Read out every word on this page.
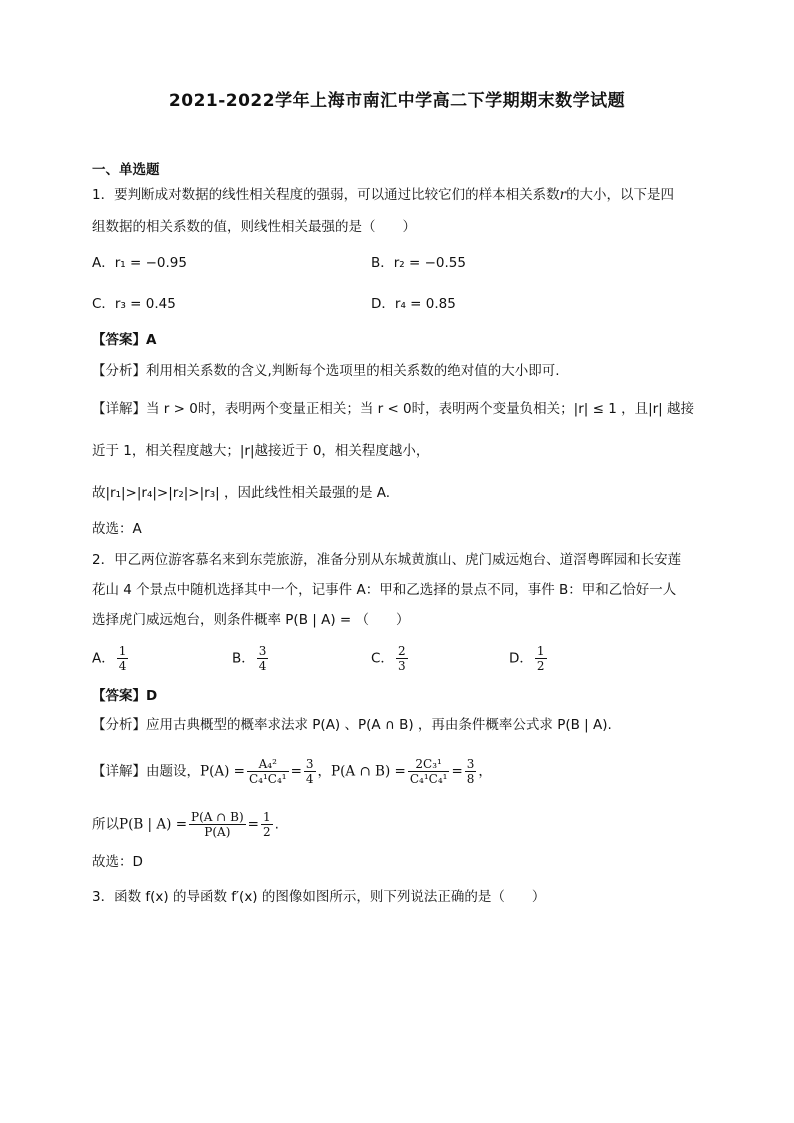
2021-2022学年上海市南汇中学高二下学期期末数学试题
一、单选题
1．要判断成对数据的线性相关程度的强弱，可以通过比较它们的样本相关系数r的大小，以下是四
组数据的相关系数的值，则线性相关最强的是（　　）
A．r₁ = −0.95	B．r₂ = −0.55
C．r₃ = 0.45	D．r₄ = 0.85
【答案】A
【分析】利用相关系数的含义,判断每个选项里的相关系数的绝对值的大小即可.
【详解】当 r > 0时，表明两个变量正相关；当 r < 0时，表明两个变量负相关；|r| ≤ 1 ，且|r| 越接
近于 1，相关程度越大；|r|越接近于 0，相关程度越小，
故|r₁|>|r₄|>|r₂|>|r₃| ，因此线性相关最强的是 A.
故选：A
2．甲乙两位游客慕名来到东莞旅游，准备分别从东城黄旗山、虎门威远炮台、道滘粤晖园和长安莲
花山 4 个景点中随机选择其中一个，记事件 A：甲和乙选择的景点不同，事件 B：甲和乙恰好一人
选择虎门威远炮台，则条件概率 P(B | A) = （　　）
A． $\frac{1}{4}$	B． $\frac{3}{4}$	C． $\frac{2}{3}$	D． $\frac{1}{2}$
【答案】D
【分析】应用古典概型的概率求法求 P(A) 、P(A ∩ B) ，再由条件概率公式求 P(B | A).
【详解】由题设，$P(A) = \frac{\text{A₄²}}{\text{C₄¹C₄¹}} = \frac{3}{4}$ ，P(A ∩ $B) = \frac{\text{2C₃¹}}{\text{C₄¹C₄¹}} = \frac{3}{8}$ ，
所以P(B | $A) = \frac{P(A \cap B)}{P(A)} = \frac{1}{2}$ .
故选：D
3．函数 f(x) 的导函数 f′(x) 的图像如图所示，则下列说法正确的是（　　）
